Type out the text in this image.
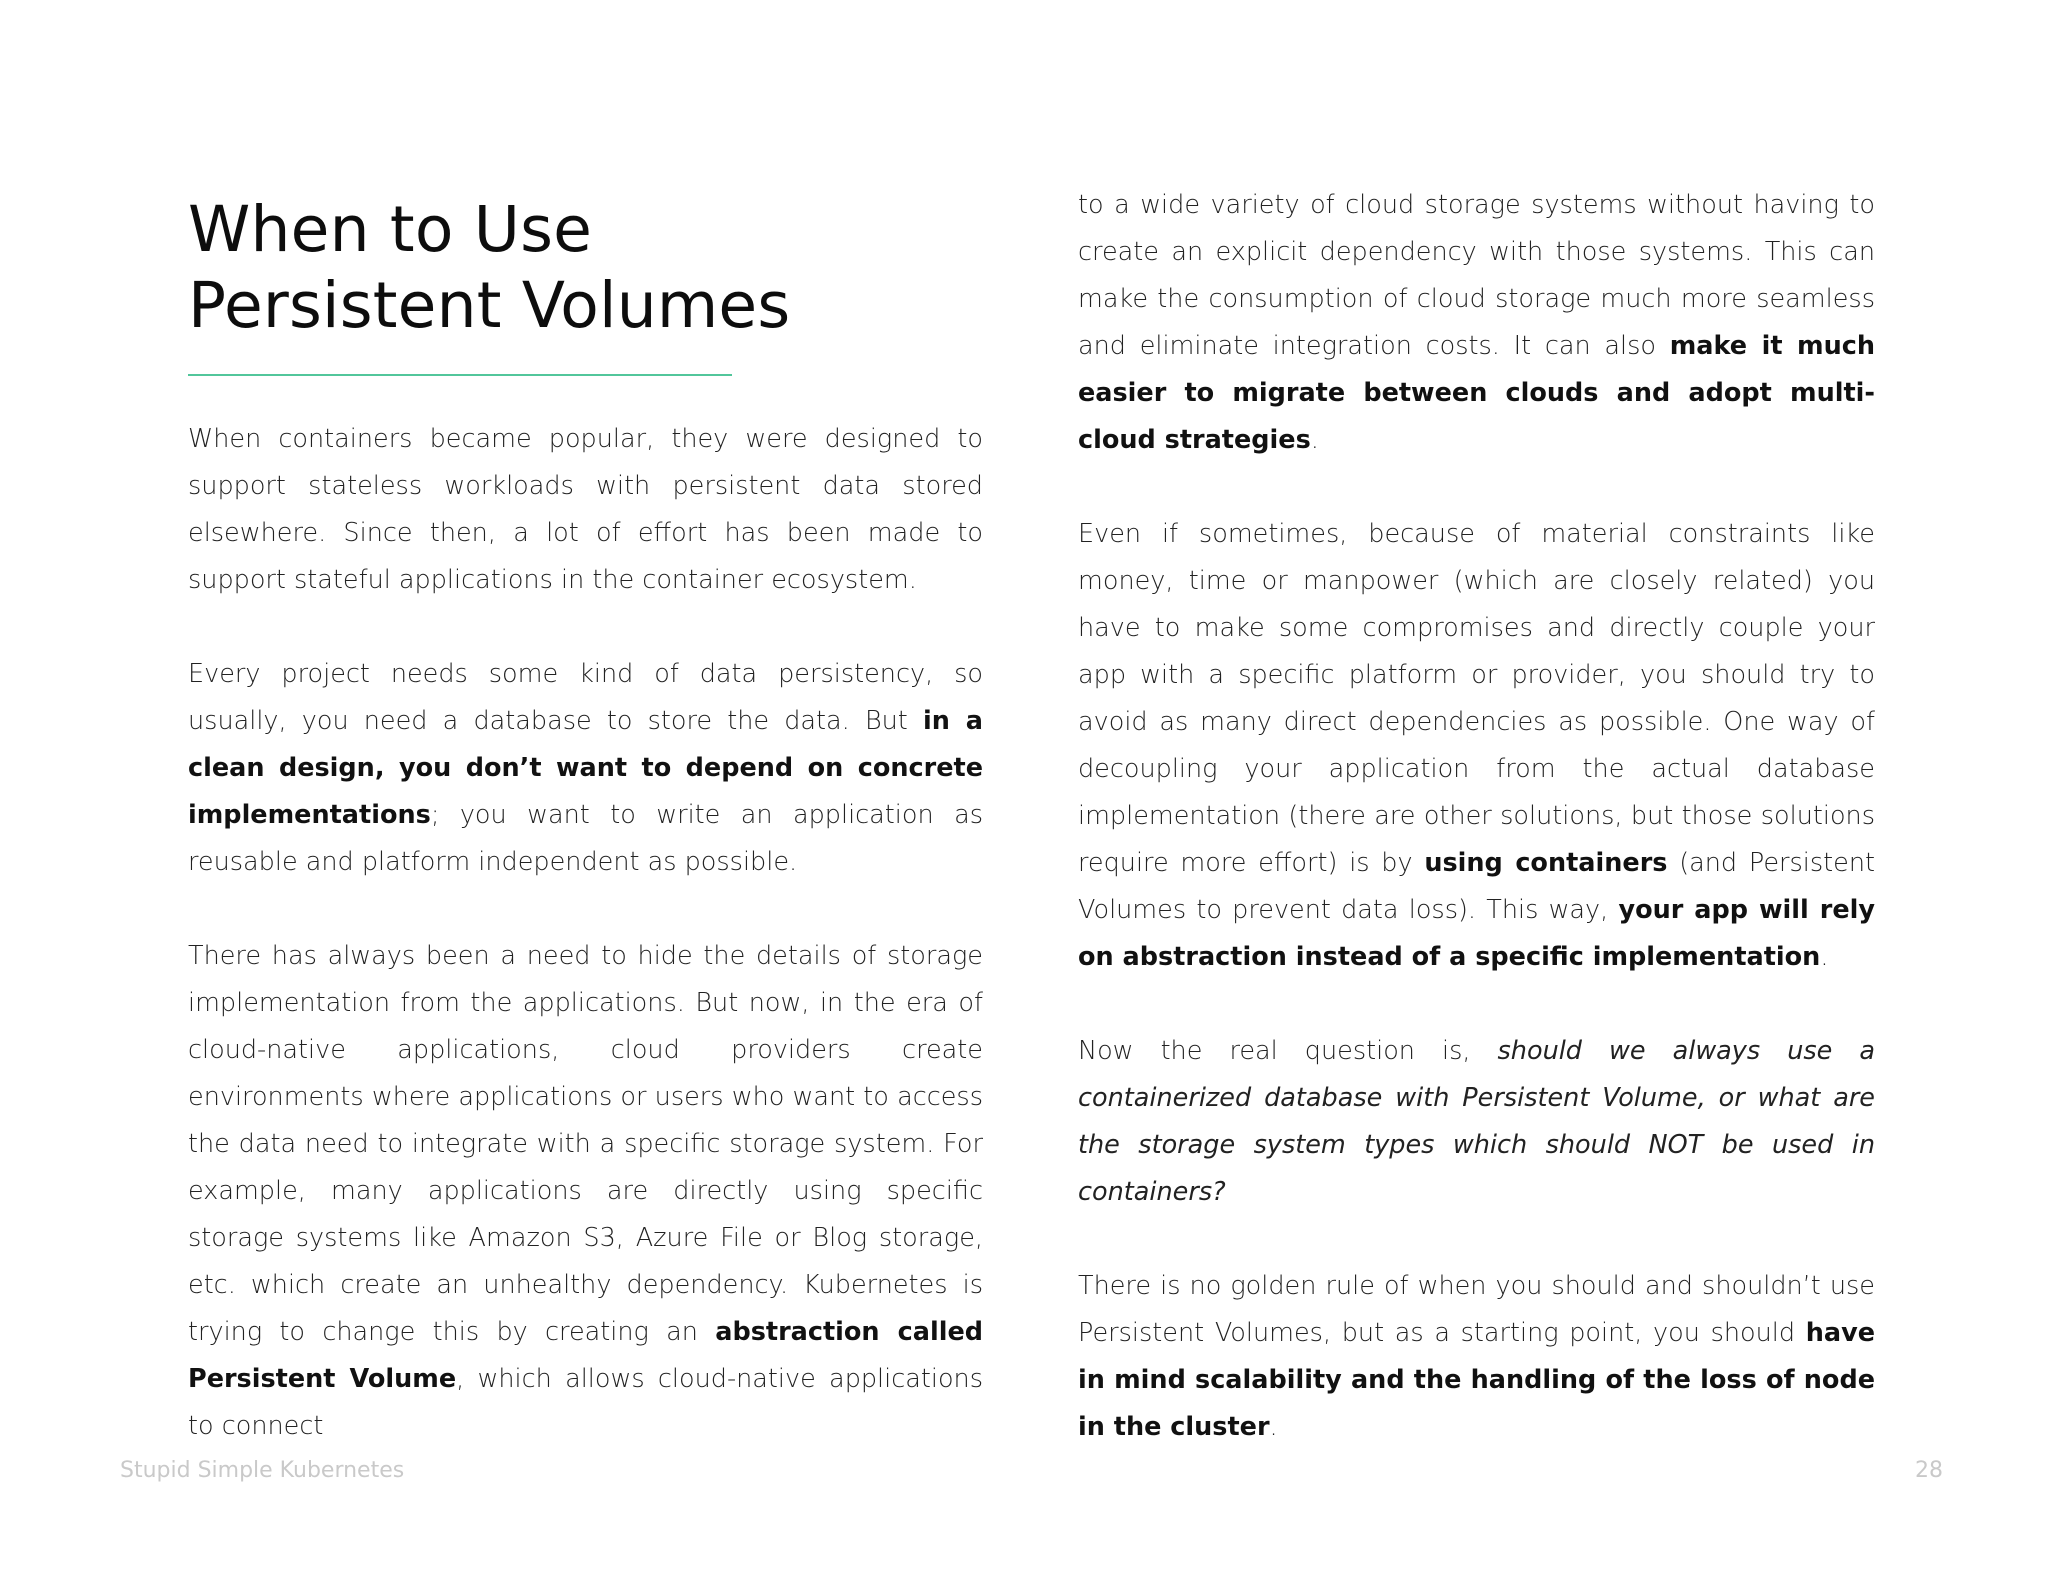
When to Use
Persistent Volumes

When containers became popular, they were designed to support stateless workloads with persistent data stored elsewhere. Since then, a lot of effort has been made to support stateful applications in the container ecosystem.

Every project needs some kind of data persistency, so usually, you need a database to store the data. But in a clean design, you don’t want to depend on concrete implementations; you want to write an application as reusable and platform independent as possible.

There has always been a need to hide the details of storage implementation from the applications. But now, in the era of cloud-native applications, cloud providers create environments where applications or users who want to access the data need to integrate with a specific storage system. For example, many applications are directly using specific storage systems like Amazon S3, Azure File or Blog storage, etc. which create an unhealthy dependency. Kubernetes is trying to change this by creating an abstraction called Persistent Volume, which allows cloud-native applications to connect

to a wide variety of cloud storage systems without having to create an explicit dependency with those systems. This can make the consumption of cloud storage much more seamless and eliminate integration costs. It can also make it much easier to migrate between clouds and adopt multi-cloud strategies.

Even if sometimes, because of material constraints like money, time or manpower (which are closely related) you have to make some compromises and directly couple your app with a specific platform or provider, you should try to avoid as many direct dependencies as possible. One way of decoupling your application from the actual database implementation (there are other solutions, but those solutions require more effort) is by using containers (and Persistent Volumes to prevent data loss). This way, your app will rely on abstraction instead of a specific implementation.

Now the real question is, should we always use a containerized database with Persistent Volume, or what are the storage system types which should NOT be used in containers?

There is no golden rule of when you should and shouldn’t use Persistent Volumes, but as a starting point, you should have in mind scalability and the handling of the loss of node in the cluster.

Stupid Simple Kubernetes	28
